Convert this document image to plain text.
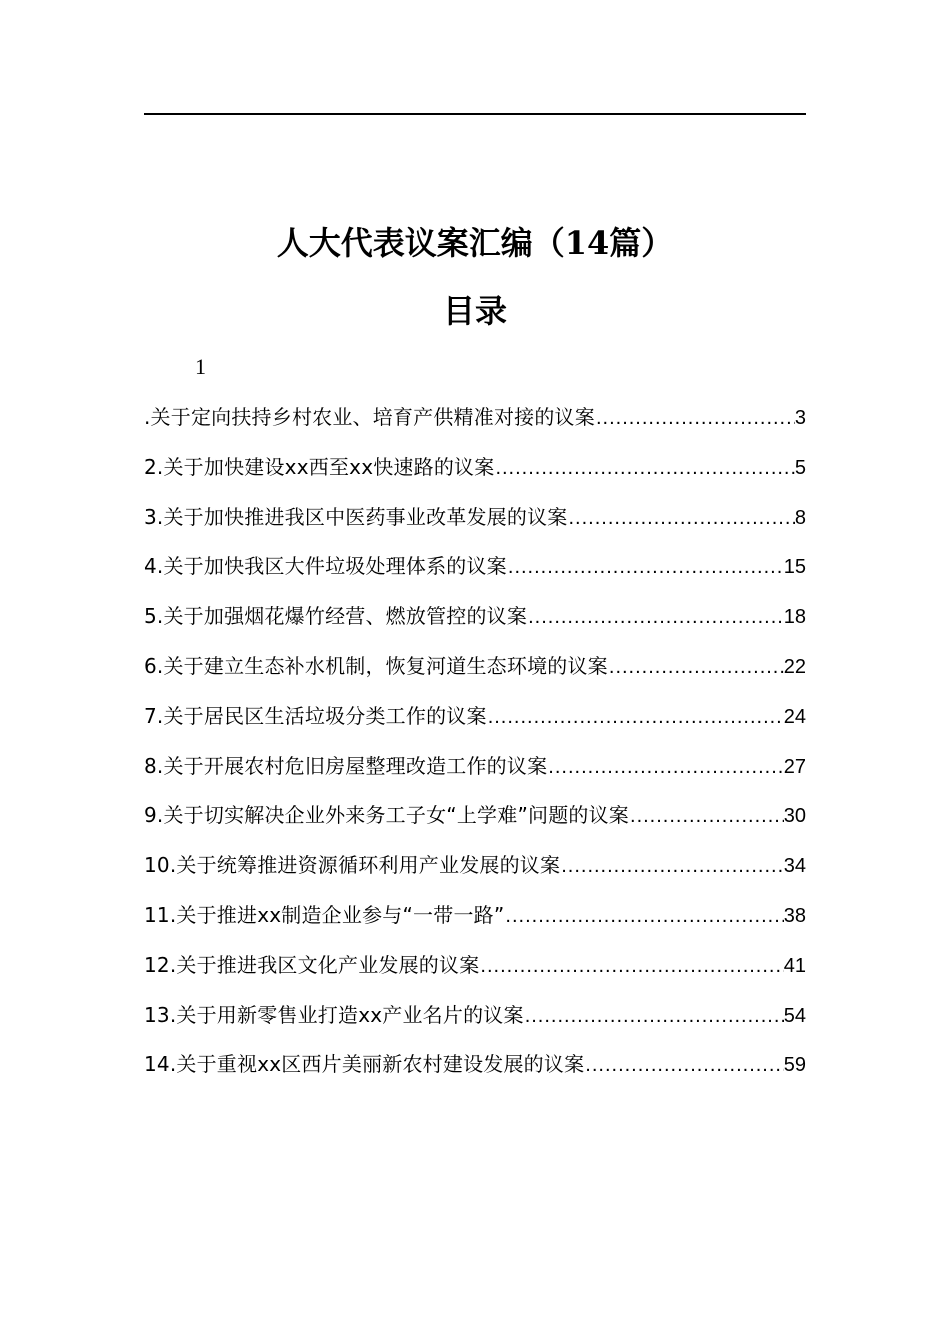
人大代表议案汇编（14篇）
目录
1
.关于定向扶持乡村农业、培育产供精准对接的议案 .....	3
2.关于加快建设xx西至xx快速路的议案 .....	5
3.关于加快推进我区中医药事业改革发展的议案 .....	8
4.关于加快我区大件垃圾处理体系的议案 .....	15
5.关于加强烟花爆竹经营、燃放管控的议案 .....	18
6.关于建立生态补水机制，恢复河道生态环境的议案 .....	22
7.关于居民区生活垃圾分类工作的议案 .....	24
8.关于开展农村危旧房屋整理改造工作的议案 .....	27
9.关于切实解决企业外来务工子女“上学难”问题的议案 .....	30
10.关于统筹推进资源循环利用产业发展的议案 .....	34
11.关于推进xx制造企业参与“一带一路” .....	38
12.关于推进我区文化产业发展的议案 .....	41
13.关于用新零售业打造xx产业名片的议案 .....	54
14.关于重视xx区西片美丽新农村建设发展的议案 .....	59
